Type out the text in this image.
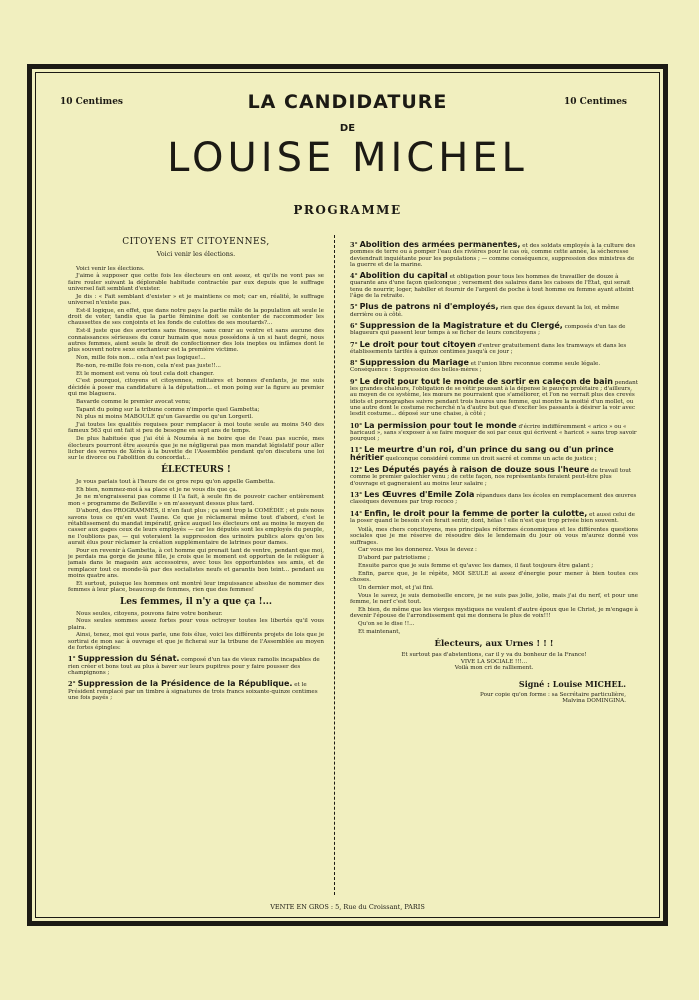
10 Centimes	10 Centimes
LA CANDIDATURE
DE
LOUISE MICHEL
PROGRAMME
CITOYENS ET CITOYENNES,
Voici venir les élections.

Voici venir les élections.

J'aime à supposer que cette fois les électeurs en ont assez, et qu'ils ne vont pas se faire rouler suivant la déplorable habitude contractée par eux depuis que le suffrage universel fait semblant d'exister.

Je dis : « Fait semblant d'exister » et je maintiens ce mot; car en, réalité, le suffrage universel n'existe pas.

Est-il logique, en effet, que dans notre pays la partie mâle de la population ait seule le droit de voter, tandis que la partie féminine doit se contenter de raccommoder les chaussettes de ses conjoints et les fonds de culottes de ses moutards?...

Est-il juste que des avortons sans finesse, sans cœur au ventre et sans aucune des connaissances sérieuses du cœur humain que nous possédons à un si haut degré, nous autres femmes, aient seuls le droit de confectionner des lois ineptes ou infâmes dont le plus souvent notre sexe enchanteur est la première victime.

Non, mille fois non... cela n'est pas logique!...

Re-non, re-mille fois re-non, cela n'est pas juste!!...

Et le moment est venu où tout cela doit changer.

C'est pourquoi, citoyens et citoyennes, militaires et bonnes d'enfants, je me suis décidée à poser ma candidature à la députation... et mon poing sur la figure au premier qui me blaguera.

Bavarde comme le premier avocat venu;

Tapant du poing sur la tribune comme n'importe quel Gambetta;

Ni plus ni moins MABOULE qu'un Gavardie ou qu'un Lorgeril.

J'ai toutes les qualités requises pour remplacer à moi toute seule au moins 540 des fameux 563 qui ont fait si peu de besogne en sept ans de temps.

De plus habituée que j'ai été à Nouméa à ne boire que de l'eau pas sucrée, mes électeurs pourront être assurés que je ne négligerai pas mon mandat législatif pour aller licher des verres de Xérès à la buvette de l'Assemblée pendant qu'on discutera une loi sur le divorce ou l'abolition du concordat...

ÉLECTEURS !

Je vous parlais tout à l'heure de ce gros repu qu'on appelle Gambetta.

Eh bien, nommez-moi à sa place et je ne vous dis que ça.

Je ne m'engraisserai pas comme il l'a fait, à seule fin de pouvoir cacher entièrement mon « programme de Belleville » en m'asseyant dessus plus tard.

D'abord, des PROGRAMMES, il n'en faut plus ; ça sent trop la COMÉDIE ; et puis nous savons tous ce qu'en vaut l'aune. Ce que je réclamerai même tout d'abord, c'est le rétablissement du mandat impératif, grâce auquel les électeurs ont au moins le moyen de casser aux gages ceux de leurs employés — car les députés sont les employés du peuple, ne l'oublions pas, — qui voteraient la suppression des urinoirs publics alors qu'on les aurait élus pour réclamer la création supplémentaire de latrines pour dames.

Pour en revenir à Gambetta, à cet homme qui prenait tant de ventre, pendant que moi, je perdais ma gorge de jeune fille, je crois que le moment est opportun de le reléguer à jamais dans le magasin aux accessoires, avec tous les opportunistes ses amis, et de remplacer tout ce monde-là par des socialistes neufs et garantis bon teint... pendant au moins quatre ans.

Et surtout, puisque les hommes ont montré leur impuissance absolue de nommer des femmes à leur place, beaucoup de femmes, rien que des femmes!

Les femmes, il n'y a que ça !...

Nous seules, citoyens, pouvons faire votre bonheur.

Nous seules sommes assez fortes pour vous octroyer toutes les libertés qu'il vous plaira.

Ainsi, tenez, moi qui vous parle, une fois élue, voici les différents projets de lois que je sortirai de mon sac à ouvrage et que je ficherai sur la tribune de l'Assemblée au moyen de fortes épingles:

1° Suppression du Sénat. composé d'un tas de vieux ramolis incapables de rien créer et bons tout au plus à baver sur leurs pupitres pour y faire pousser des champignons ;
2° Suppression de la Présidence de la République. et le Président remplacé par un timbre à signatures de trois francs soixante-quinze centimes une fois payés ;
3° Abolition des armées permanentes, et des soldats employés à la culture des pommes de terre ou à pomper l'eau des rivières pour le cas où, comme cette année, la sécheresse deviendrait inquiétante pour les populations ; — comme conséquence, suppression des ministres de la guerre et de la marine.
4° Abolition du capital et obligation pour tous les hommes de travailler de douze à quarante ans d'une façon quelconque ; versement des salaires dans les caisses de l'État, qui serait tenu de nourrir, loger, habiller et fournir de l'argent de poche à tout homme ou femme ayant atteint l'âge de la retraite.
5° Plus de patrons ni d'employés, rien que des égaux devant la loi, et même derrière ou à côté.
6° Suppression de la Magistrature et du Clergé, composés d'un tas de blagueurs qui passent leur temps à se ficher de leurs concitoyens ;
7° Le droit pour tout citoyen d'entrer gratuitement dans les tramways et dans les établissements tarifés à quinze centimes jusqu'à ce jour ;
8° Suppression du Mariage et l'union libre reconnue comme seule légale. Conséquence : Suppression des belles-mères ;
9° Le droit pour tout le monde de sortir en caleçon de bain pendant les grandes chaleurs, l'obligation de se vêtir poussant à la dépense le pauvre prolétaire ; d'ailleurs, au moyen de ce système, les mœurs ne pourraient que s'améliorer, et l'on ne verrait plus des crevés idiots et pornographes suivre pendant trois heures une femme, qui montre la moitié d'un mollet, ou une autre dont le costume recherché n'a d'autre but que d'exciter les passants à désirer la voir avec lesdit costume... déposé sur une chaise, à côté ;
10° La permission pour tout le monde d'écrire indifféremment « arico » ou « haricaud », sans s'exposer à se faire moquer de soi par ceux qui écrivent « haricot » sans trop savoir pourquoi ;
11° Le meurtre d'un roi, d'un prince du sang ou d'un prince héritier quelconque considéré comme un droit sacré et comme un acte de justice ;
12° Les Députés payés à raison de douze sous l'heure de travail tout comme le premier galochier venu ; de cette façon, nos représentants feraient peut-être plus d'ouvrage et gagneraient au moins leur salaire ;
13° Les Œuvres d'Emile Zola répandues dans les écoles en remplacement des œuvres classiques devenues par trop rococo ;
14° Enfin, le droit pour la femme de porter la culotte, et aussi celui de la poser quand le besoin s'en ferait sentir, dont, hélas ! elle n'est que trop privée bien souvent.

Voilà, mes chers concitoyens, mes principales réformes économiques et les différentes questions sociales que je me réserve de résoudre dès le lendemain du jour où vous m'aurez donné vos suffrages.

Car vous me les donnerez. Vous le devez :

D'abord par patriotisme ;

Ensuite parce que je suis femme et qu'avec les dames, il faut toujours être galant ;

Enfin, parce que, je le répète, MOI SEULE ai assez d'énergie pour mener à bien toutes ces choses.

Un dernier mot, et j'ai fini.

Vous le savez, je suis demoiselle encore, je ne suis pas jolie, jolie, mais j'ai du nerf, et pour une femme, le nerf c'est tout.

Eh bien, de même que les vierges mystiques ne veulent d'autre époux que le Christ, je m'engage à devenir l'épouse de l'arrondissement qui me donnera le plus de voix!!!

Qu'on se le dise !!...

Et maintenant,

Électeurs, aux Urnes ! ! !
Et surtout pas d'abstentions, car il y va du bonheur de la France!
VIVE LA SOCIALE !!!...
Voilà mon cri de ralliement.
Signé : Louise MICHEL.
Pour copie qu'on forme : sa Secrétaire particulière,
Malvina DOMINGINA.
VENTE EN GROS : 5, Rue du Croissant, PARIS
